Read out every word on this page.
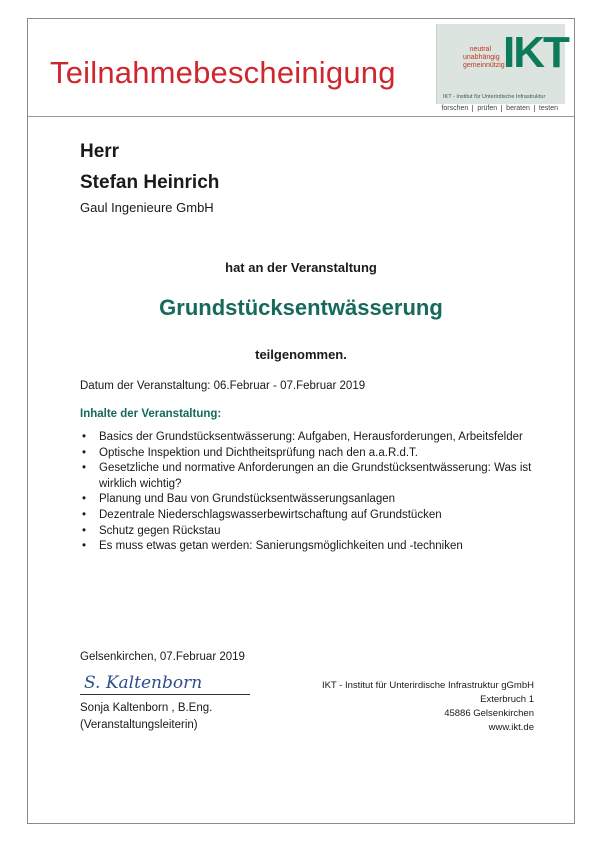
Teilnahmebescheinigung
neutral
unabhängig
gemeinnützig
IKT
IKT - Institut für Unterirdische Infrastruktur
forschen	prüfen	beraten	testen
Herr
Stefan Heinrich
Gaul Ingenieure GmbH
hat an der Veranstaltung
Grundstücksentwässerung
teilgenommen.
Datum der Veranstaltung: 06.Februar - 07.Februar 2019
Inhalte der Veranstaltung:
• Basics der Grundstücksentwässerung: Aufgaben, Herausforderungen, Arbeitsfelder
• Optische Inspektion und Dichtheitsprüfung nach den a.a.R.d.T.
• Gesetzliche und normative Anforderungen an die Grundstücksentwässerung: Was ist wirklich wichtig?
• Planung und Bau von Grundstücksentwässerungsanlagen
• Dezentrale Niederschlagswasserbewirtschaftung auf Grundstücken
• Schutz gegen Rückstau
• Es muss etwas getan werden: Sanierungsmöglichkeiten und -techniken
Gelsenkirchen, 07.Februar 2019
S. Kaltenborn
Sonja Kaltenborn , B.Eng.
(Veranstaltungsleiterin)
IKT - Institut für Unterirdische Infrastruktur gGmbH
Exterbruch 1
45886 Gelsenkirchen
www.ikt.de
